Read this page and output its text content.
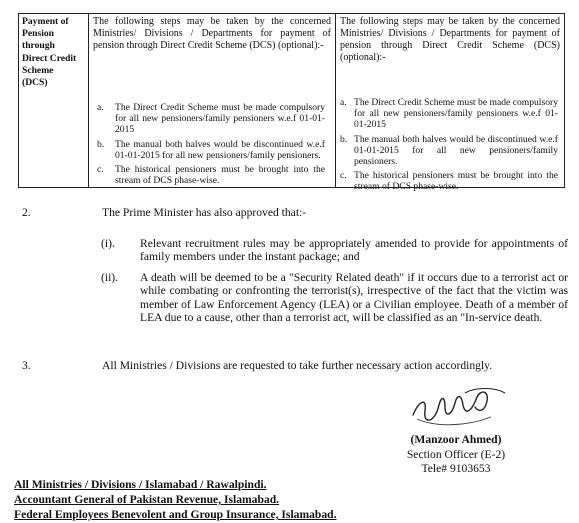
Payment of
Pension
through
Direct Credit
Scheme
(DCS)

The following steps may be taken by the concerned Ministries/ Divisions / Departments for payment of pension through Direct Credit Scheme (DCS) (optional):-

a.	The Direct Credit Scheme must be made compulsory for all new pensioners/family pensioners w.e.f 01-01-2015
b.	The manual both halves would be discontinued w.e.f 01-01-2015 for all new pensioners/family pensioners.
c.	The historical pensioners must be brought into the stream of DCS phase-wise.

The following steps may be taken by the concerned Ministries/ Divisions / Departments for payment of pension through Direct Credit Scheme (DCS) (optional):-

a. The Direct Credit Scheme must be made compulsory for all new pensioners/family pensioners w.e.f 01-01-2015
b. The manual both halves would be discontinued w.e.f 01-01-2015 for all new pensioners/family pensioners.
c. The historical pensioners must be brought into the stream of DCS phase-wise.
2.	The Prime Minister has also approved that:-

(i). Relevant recruitment rules may be appropriately amended to provide for appointments of family members under the instant package; and

(ii). A death will be deemed to be a "Security Related death" if it occurs due to a terrorist act or while combating or confronting the terrorist(s), irrespective of the fact that the victim was member of Law Enforcement Agency (LEA) or a Civilian employee. Death of a member of LEA due to a cause, other than a terrorist act, will be classified as an "In-service death.

3.	All Ministries / Divisions are requested to take further necessary action accordingly.

(Manzoor Ahmed)
Section Officer (E-2)
Tele# 9103653
All Ministries / Divisions / Islamabad / Rawalpindi.
Accountant General of Pakistan Revenue, Islamabad.
Federal Employees Benevolent and Group Insurance, Islamabad.
